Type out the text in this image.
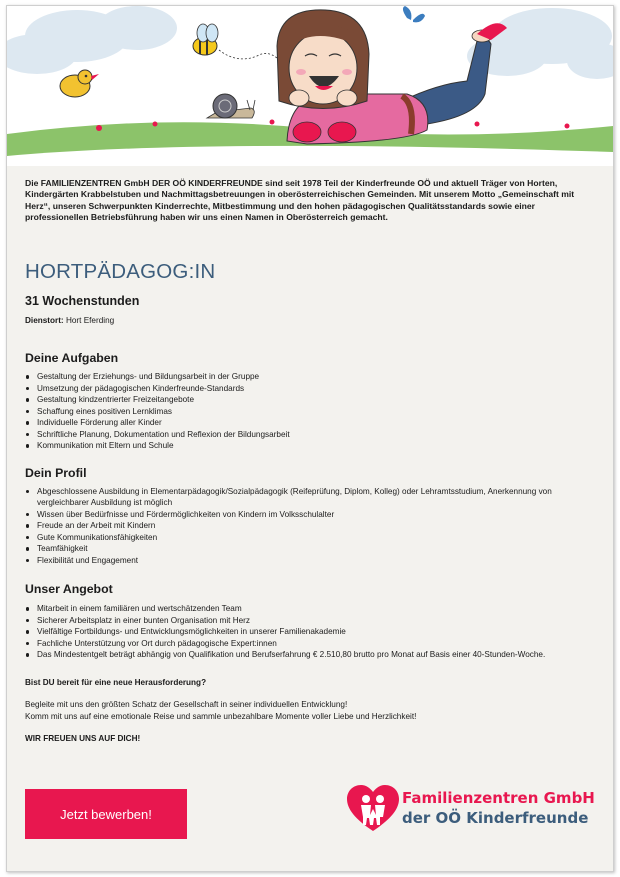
Die FAMILIENZENTREN GmbH DER OÖ KINDERFREUNDE sind seit 1978 Teil der Kinderfreunde OÖ und aktuell Träger von Horten, Kindergärten Krabbelstuben und Nachmittagsbetreuungen in oberösterreichischen Gemeinden. Mit unserem Motto „Gemeinschaft mit Herz“, unseren Schwerpunkten Kinderrechte, Mitbestimmung und den hohen pädagogischen Qualitätsstandards sowie einer professionellen Betriebsführung haben wir uns einen Namen in Oberösterreich gemacht.

HORTPÄDAGOG:IN

31 Wochenstunden

Dienstort: Hort Eferding

Deine Aufgaben
Gestaltung der Erziehungs- und Bildungsarbeit in der Gruppe
Umsetzung der pädagogischen Kinderfreunde-Standards
Gestaltung kindzentrierter Freizeitangebote
Schaffung eines positiven Lernklimas
Individuelle Förderung aller Kinder
Schriftliche Planung, Dokumentation und Reflexion der Bildungsarbeit
Kommunikation mit Eltern und Schule
Dein Profil
Abgeschlossene Ausbildung in Elementarpädagogik/Sozialpädagogik (Reifeprüfung, Diplom, Kolleg) oder Lehramtsstudium, Anerkennung von vergleichbarer Ausbildung ist möglich
Wissen über Bedürfnisse und Fördermöglichkeiten von Kindern im Volksschulalter
Freude an der Arbeit mit Kindern
Gute Kommunikationsfähigkeiten
Teamfähigkeit
Flexibilität und Engagement
Unser Angebot
Mitarbeit in einem familiären und wertschätzenden Team
Sicherer Arbeitsplatz in einer bunten Organisation mit Herz
Vielfältige Fortbildungs- und Entwicklungsmöglichkeiten in unserer Familienakademie
Fachliche Unterstützung vor Ort durch pädagogische Expert:innen
Das Mindestentgelt beträgt abhängig von Qualifikation und Berufserfahrung € 2.510,80 brutto pro Monat auf Basis einer 40-Stunden-Woche.

Bist DU bereit für eine neue Herausforderung?

Begleite mit uns den größten Schatz der Gesellschaft in seiner individuellen Entwicklung!

Komm mit uns auf eine emotionale Reise und sammle unbezahlbare Momente voller Liebe und Herzlichkeit!

WIR FREUEN UNS AUF DICH!

Jetzt bewerben!
Familienzentren GmbH
der OÖ Kinderfreunde
